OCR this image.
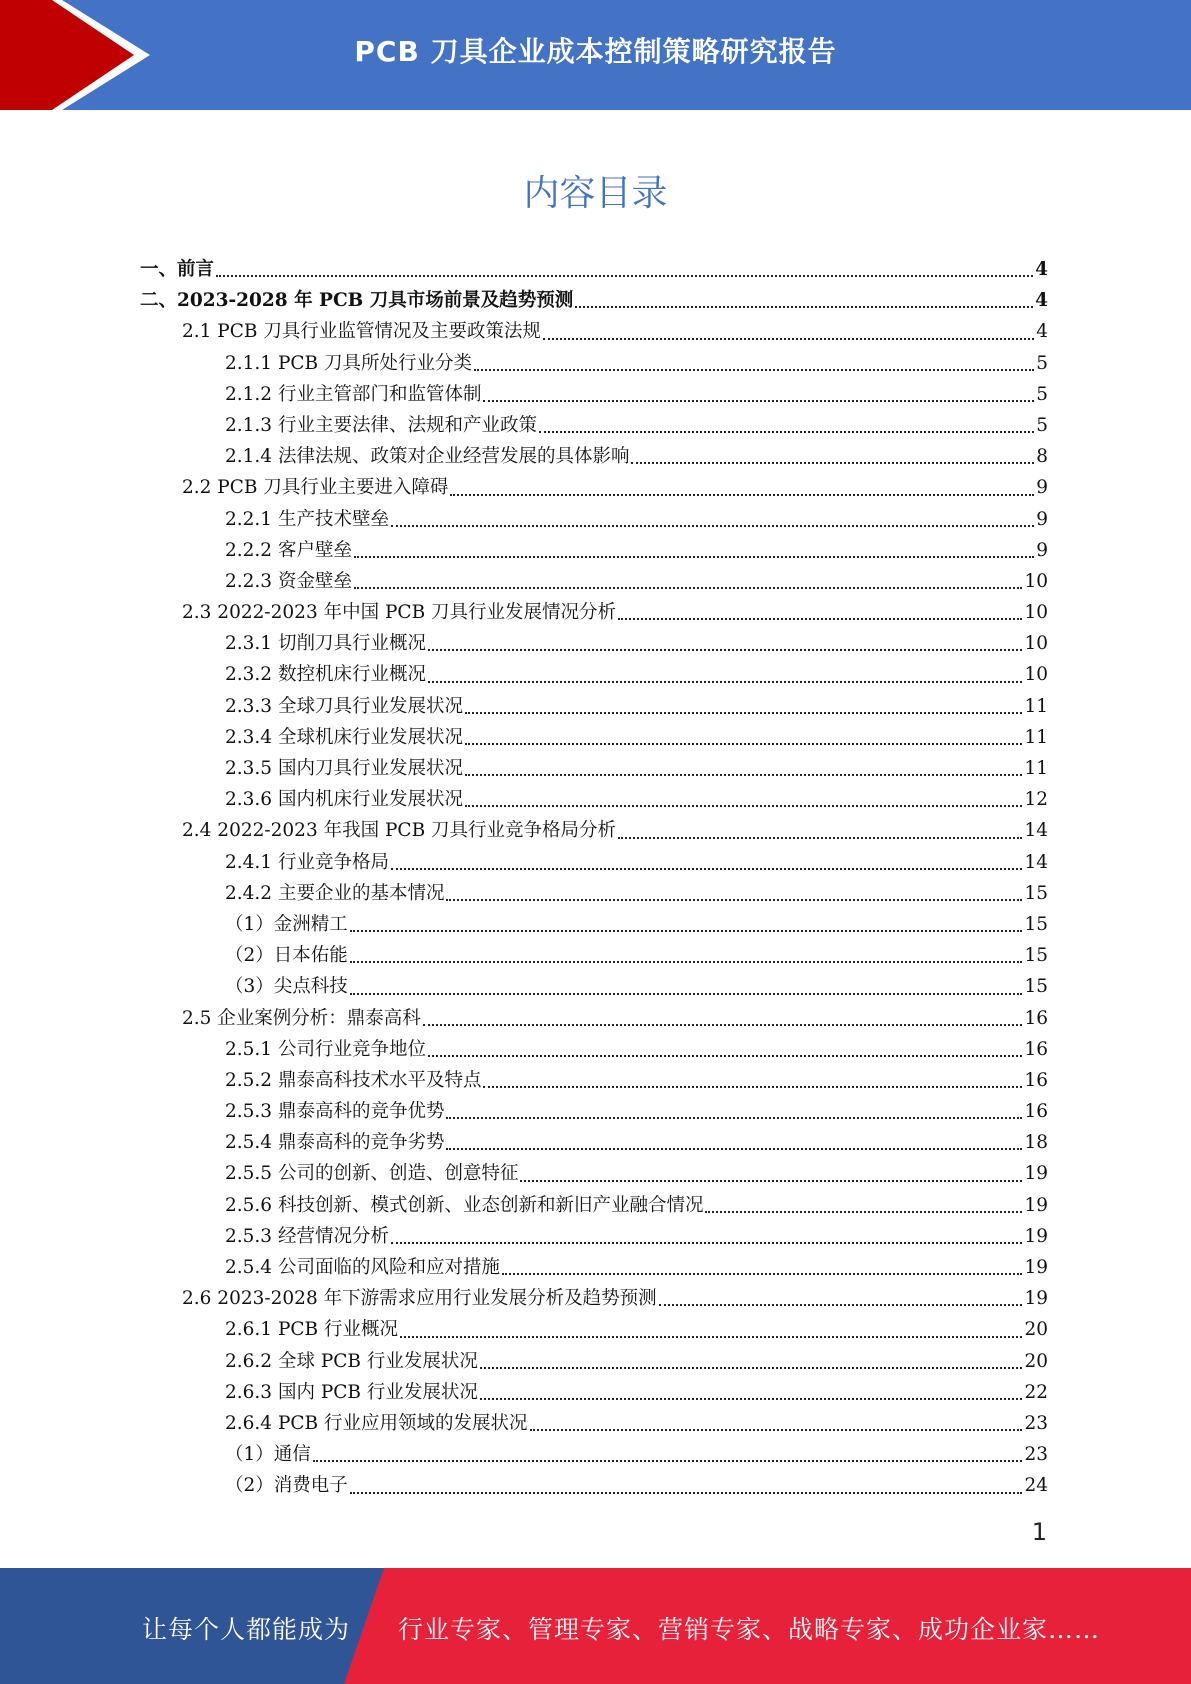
PCB 刀具企业成本控制策略研究报告
内容目录
一、前言	4
二、2023-2028 年 PCB 刀具市场前景及趋势预测	4
2.1 PCB 刀具行业监管情况及主要政策法规	4
2.1.1 PCB 刀具所处行业分类	5
2.1.2 行业主管部门和监管体制	5
2.1.3 行业主要法律、法规和产业政策	5
2.1.4 法律法规、政策对企业经营发展的具体影响	8
2.2 PCB 刀具行业主要进入障碍	9
2.2.1 生产技术壁垒	9
2.2.2 客户壁垒	9
2.2.3 资金壁垒	10
2.3 2022-2023 年中国 PCB 刀具行业发展情况分析	10
2.3.1 切削刀具行业概况	10
2.3.2 数控机床行业概况	10
2.3.3 全球刀具行业发展状况	11
2.3.4 全球机床行业发展状况	11
2.3.5 国内刀具行业发展状况	11
2.3.6 国内机床行业发展状况	12
2.4 2022-2023 年我国 PCB 刀具行业竞争格局分析	14
2.4.1 行业竞争格局	14
2.4.2 主要企业的基本情况	15
（1）金洲精工	15
（2）日本佑能	15
（3）尖点科技	15
2.5 企业案例分析：鼎泰高科	16
2.5.1 公司行业竞争地位	16
2.5.2 鼎泰高科技术水平及特点	16
2.5.3 鼎泰高科的竞争优势	16
2.5.4 鼎泰高科的竞争劣势	18
2.5.5 公司的创新、创造、创意特征	19
2.5.6 科技创新、模式创新、业态创新和新旧产业融合情况	19
2.5.3 经营情况分析	19
2.5.4 公司面临的风险和应对措施	19
2.6 2023-2028 年下游需求应用行业发展分析及趋势预测	19
2.6.1 PCB 行业概况	20
2.6.2 全球 PCB 行业发展状况	20
2.6.3 国内 PCB 行业发展状况	22
2.6.4 PCB 行业应用领域的发展状况	23
（1）通信	23
（2）消费电子	24
1
让每个人都能成为 行业专家、管理专家、营销专家、战略专家、成功企业家……
